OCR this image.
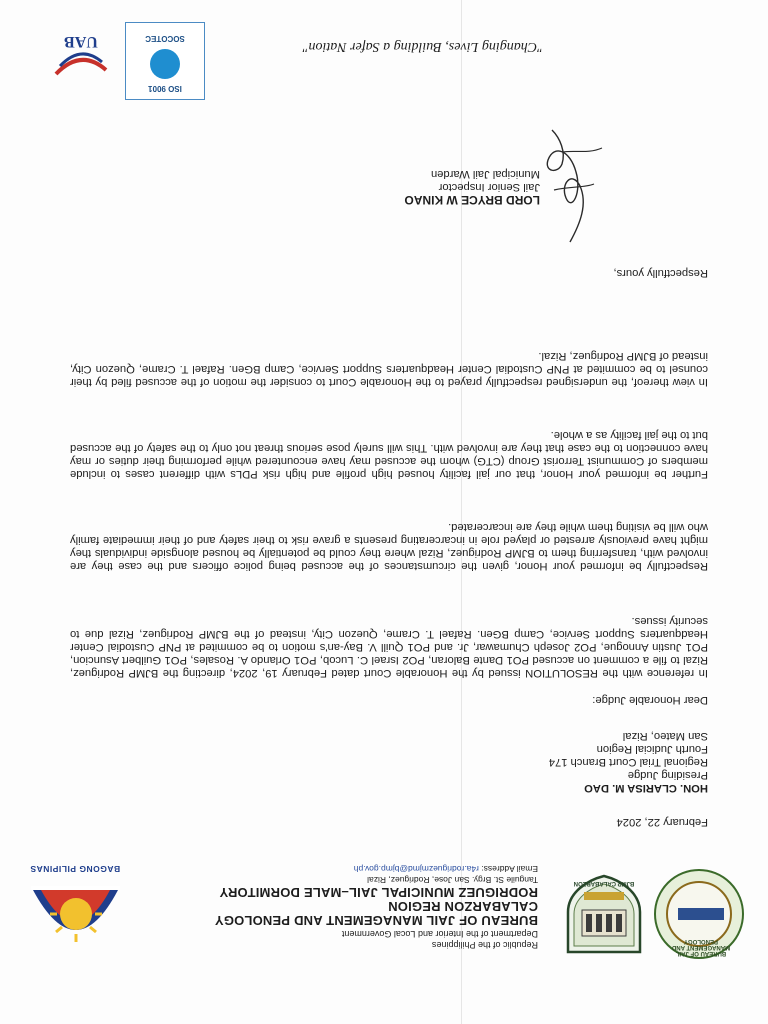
BUREAU OF JAIL MANAGEMENT AND PENOLOGY
BJMP CALABARZON
Republic of the Philippines
Department of the Interior and Local Government
BUREAU OF JAIL MANAGEMENT AND PENOLOGY
CALABARZON REGION
RODRIGUEZ MUNICIPAL JAIL–MALE DORMITORY
Tanguile St. Brgy. San Jose, Rodriguez, Rizal
Email Address: r4a.rodriguezmjmd@bjmp.gov.ph
BAGONG PILIPINAS
February 22, 2024
HON. CLARISA M. DAO
Presiding Judge
Regional Trial Court Branch 174
Fourth Judicial Region
San Mateo, Rizal
Dear Honorable Judge:
In reference with the RESOLUTION issued by the Honorable Court dated February 19, 2024, directing the BJMP Rodriguez, Rizal to file a comment on accused PO1 Dante Baloran, PO2 Israel C. Lucob, PO1 Orlando A. Rosales, PO1 Guilbert Asuncion, PO1 Justin Annogue, PO2 Joseph Chumawar, Jr. and PO1 Quill V. Bay-an's motion to be commited at PNP Custodial Center Headquarters Support Service, Camp BGen. Rafael T. Crame, Quezon City, instead of the BJMP Rodriguez, Rizal due to security issues.
Respectfully be informed your Honor, given the circumstances of the accused being police officers and the case they are involved with, transferring them to BJMP Rodriguez, Rizal where they could be potentially be housed alongside individuals they might have previously arrested or played role in incarcerating presents a grave risk to their safety and of their immediate family who will be visiting them while they are incarcerated.
Further be informed your Honor, that our jail facility housed high profile and high risk PDLs with different cases to include members of Communist Terrorist Group (CTG) whom the accused may have encountered while performing their duties or may have connection to the case that they are involved with. This will surely pose serious threat not only to the safety of the accused but to the jail facility as a whole.
In view thereof, the undersigned respectfully prayed to the Honorable Court to consider the motion of the accused filed by their counsel to be commited at PNP Custodial Center Headquarters Support Service, Camp BGen. Rafael T. Crame, Quezon City, instead of BJMP Rodriguez, Rizal.
Respectfully yours,
LORD BRYCE W KINAO
Jail Senior Inspector
Municipal Jail Warden
"Changing Lives, Building a Safer Nation"
ISO 9001
SOCOTEC
UAB
